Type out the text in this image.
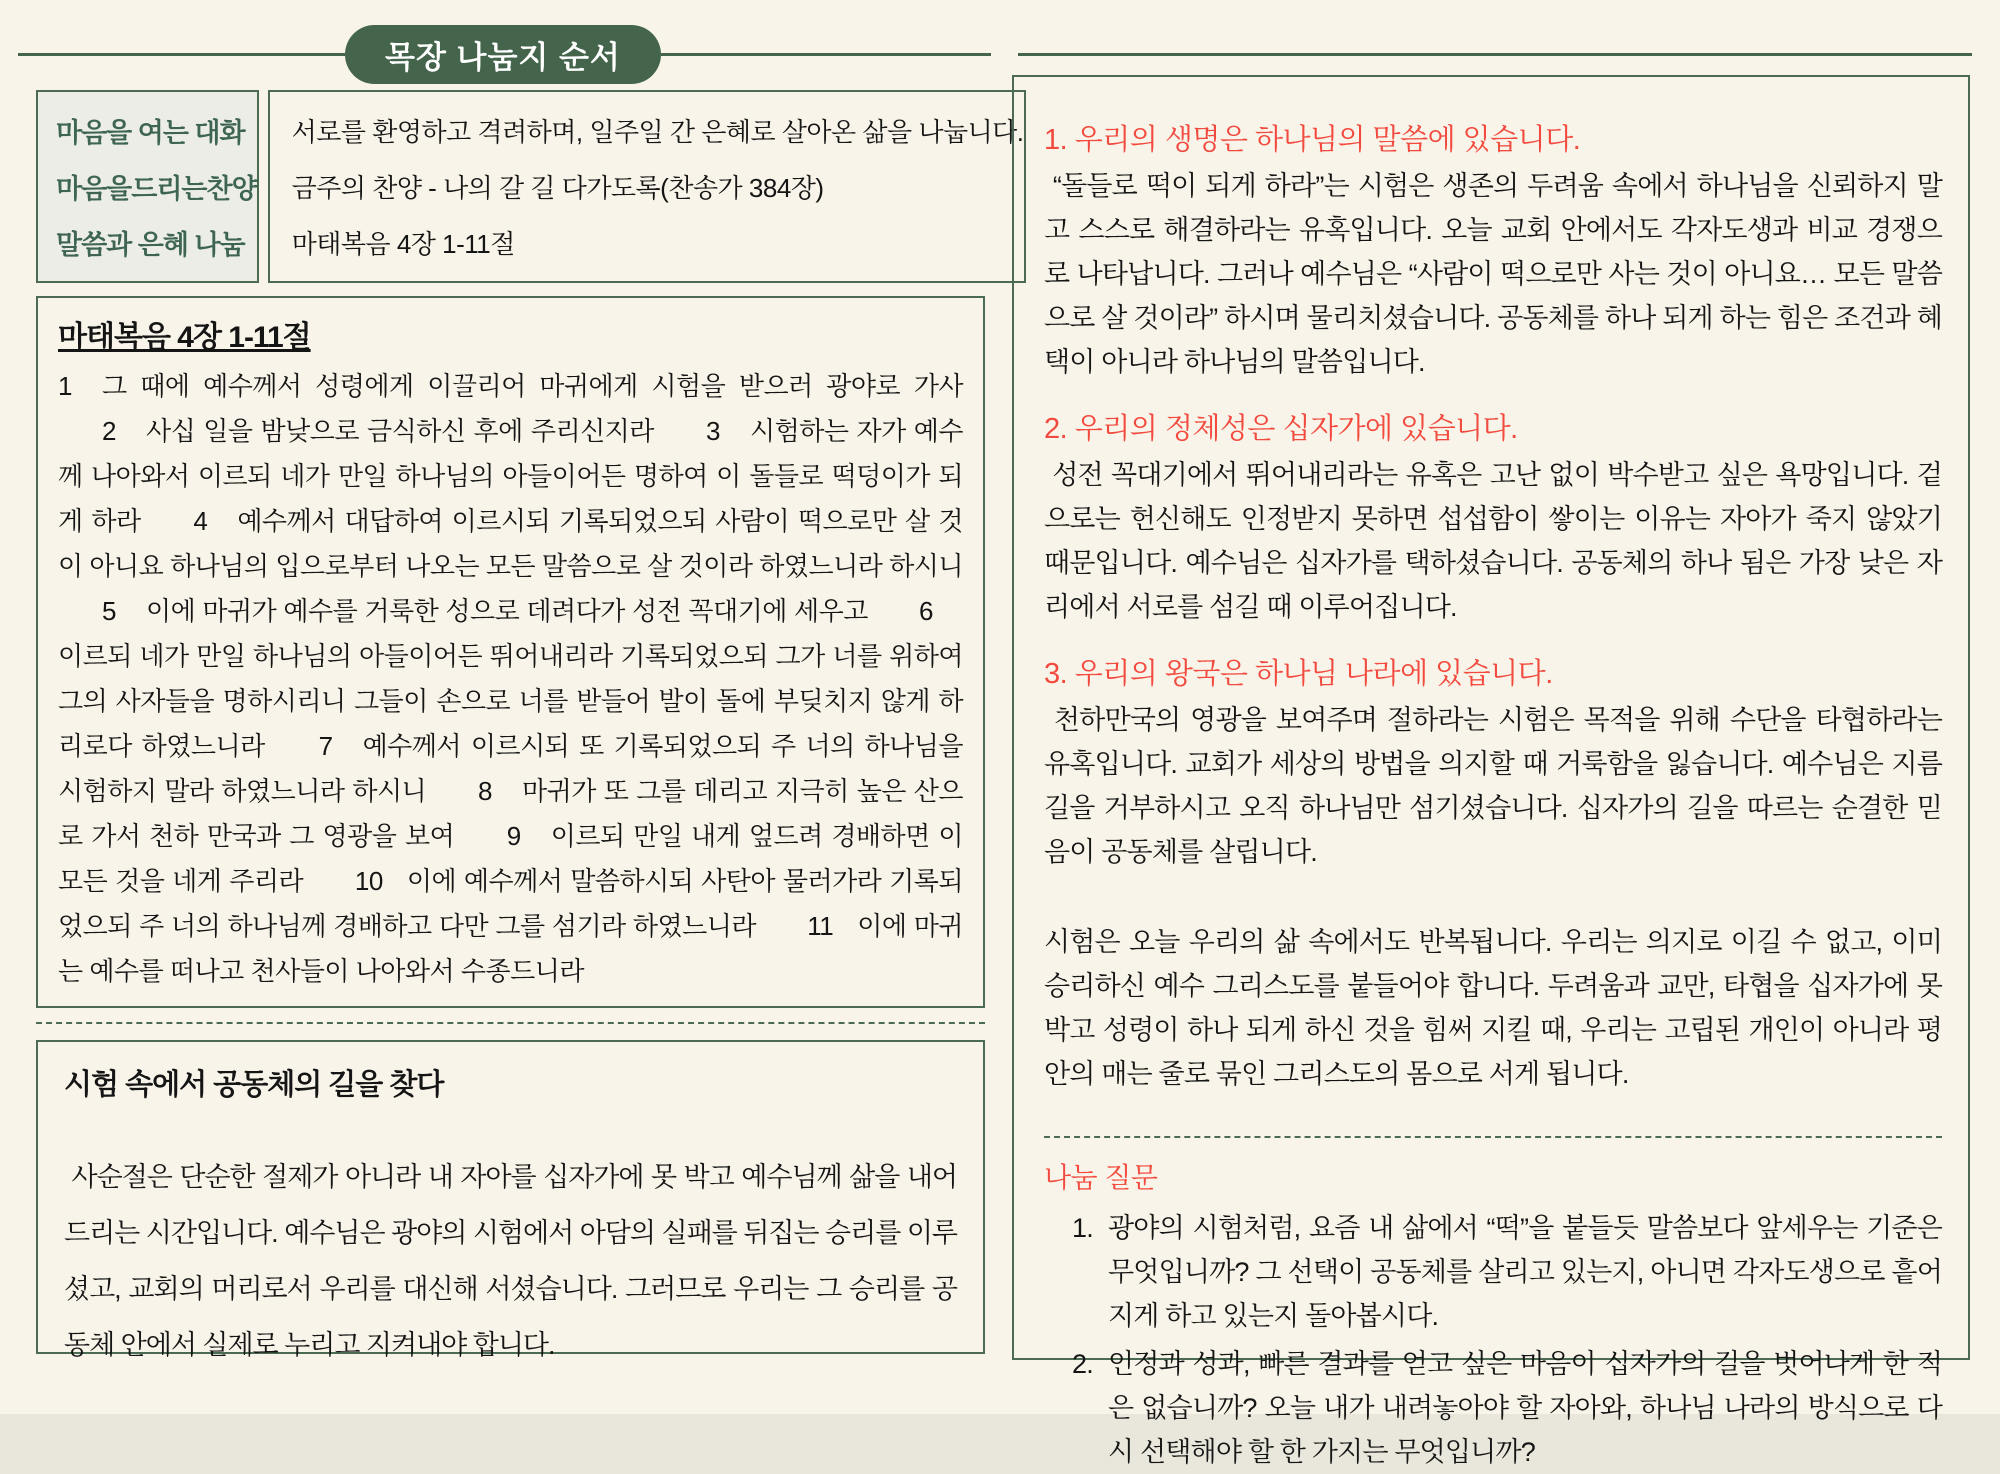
목장 나눔지 순서
마음을 여는 대화
마음을드리는찬양
말씀과 은혜 나눔
서로를 환영하고 격려하며, 일주일 간 은혜로 살아온 삶을 나눕니다.
금주의 찬양 - 나의 갈 길 다가도록(찬송가 384장)
마태복음 4장 1-11절
마태복음 4장 1-11절
1 그 때에 예수께서 성령에게 이끌리어 마귀에게 시험을 받으러 광야로 가사 2 사십 일을 밤낮으로 금식하신 후에 주리신지라 3 시험하는 자가 예수께 나아와서 이르되 네가 만일 하나님의 아들이어든 명하여 이 돌들로 떡덩이가 되게 하라 4 예수께서 대답하여 이르시되 기록되었으되 사람이 떡으로만 살 것이 아니요 하나님의 입으로부터 나오는 모든 말씀으로 살 것이라 하였느니라 하시니 5 이에 마귀가 예수를 거룩한 성으로 데려다가 성전 꼭대기에 세우고 6이르되 네가 만일 하나님의 아들이어든 뛰어내리라 기록되었으되 그가 너를 위하여 그의 사자들을 명하시리니 그들이 손으로 너를 받들어 발이 돌에 부딪치지 않게 하리로다 하였느니라 7 예수께서 이르시되 또 기록되었으되 주 너의 하나님을 시험하지 말라 하였느니라 하시니 8 마귀가 또 그를 데리고 지극히 높은 산으로 가서 천하 만국과 그 영광을 보여 9 이르되 만일 내게 엎드려 경배하면 이 모든 것을 네게 주리라 10 이에 예수께서 말씀하시되 사탄아 물러가라 기록되었으되 주 너의 하나님께 경배하고 다만 그를 섬기라 하였느니라 11 이에 마귀는 예수를 떠나고 천사들이 나아와서 수종드니라
시험 속에서 공동체의 길을 찾다
사순절은 단순한 절제가 아니라 내 자아를 십자가에 못 박고 예수님께 삶을 내어 드리는 시간입니다. 예수님은 광야의 시험에서 아담의 실패를 뒤집는 승리를 이루셨고, 교회의 머리로서 우리를 대신해 서셨습니다. 그러므로 우리는 그 승리를 공동체 안에서 실제로 누리고 지켜내야 합니다.
1. 우리의 생명은 하나님의 말씀에 있습니다.
“돌들로 떡이 되게 하라”는 시험은 생존의 두려움 속에서 하나님을 신뢰하지 말고 스스로 해결하라는 유혹입니다. 오늘 교회 안에서도 각자도생과 비교 경쟁으로 나타납니다. 그러나 예수님은 “사람이 떡으로만 사는 것이 아니요… 모든 말씀으로 살 것이라” 하시며 물리치셨습니다. 공동체를 하나 되게 하는 힘은 조건과 혜택이 아니라 하나님의 말씀입니다.
2. 우리의 정체성은 십자가에 있습니다.
성전 꼭대기에서 뛰어내리라는 유혹은 고난 없이 박수받고 싶은 욕망입니다. 겉으로는 헌신해도 인정받지 못하면 섭섭함이 쌓이는 이유는 자아가 죽지 않았기 때문입니다. 예수님은 십자가를 택하셨습니다. 공동체의 하나 됨은 가장 낮은 자리에서 서로를 섬길 때 이루어집니다.
3. 우리의 왕국은 하나님 나라에 있습니다.
천하만국의 영광을 보여주며 절하라는 시험은 목적을 위해 수단을 타협하라는 유혹입니다. 교회가 세상의 방법을 의지할 때 거룩함을 잃습니다. 예수님은 지름길을 거부하시고 오직 하나님만 섬기셨습니다. 십자가의 길을 따르는 순결한 믿음이 공동체를 살립니다.
시험은 오늘 우리의 삶 속에서도 반복됩니다. 우리는 의지로 이길 수 없고, 이미 승리하신 예수 그리스도를 붙들어야 합니다. 두려움과 교만, 타협을 십자가에 못 박고 성령이 하나 되게 하신 것을 힘써 지킬 때, 우리는 고립된 개인이 아니라 평안의 매는 줄로 묶인 그리스도의 몸으로 서게 됩니다.
나눔 질문
1. 광야의 시험처럼, 요즘 내 삶에서 “떡”을 붙들듯 말씀보다 앞세우는 기준은 무엇입니까? 그 선택이 공동체를 살리고 있는지, 아니면 각자도생으로 흩어지게 하고 있는지 돌아봅시다.
2. 인정과 성과, 빠른 결과를 얻고 싶은 마음이 십자가의 길을 벗어나게 한 적은 없습니까? 오늘 내가 내려놓아야 할 자아와, 하나님 나라의 방식으로 다시 선택해야 할 한 가지는 무엇입니까?
